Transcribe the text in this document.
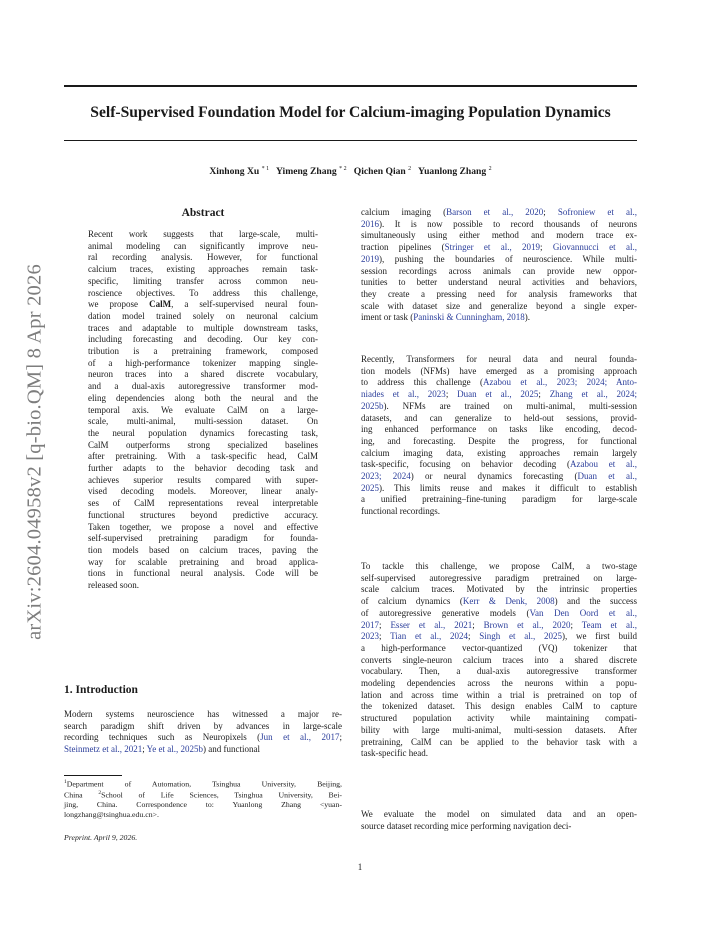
Self-Supervised Foundation Model for Calcium-imaging Population Dynamics
Xinhong Xu $^{* 1}$ Yimeng Zhang $^{* 2}$ Qichen Qian $^2$ Yuanlong Zhang $^2$
arXiv:2604.04958v2 [q-bio.QM] 8 Apr 2026
Abstract
Recent work suggests that large-scale, multi-
animal modeling can significantly improve neu-
ral recording analysis. However, for functional
calcium traces, existing approaches remain task-
specific, limiting transfer across common neu-
roscience objectives. To address this challenge,
we propose CalM, a self-supervised neural foun-
dation model trained solely on neuronal calcium
traces and adaptable to multiple downstream tasks,
including forecasting and decoding. Our key con-
tribution is a pretraining framework, composed
of a high-performance tokenizer mapping single-
neuron traces into a shared discrete vocabulary,
and a dual-axis autoregressive transformer mod-
eling dependencies along both the neural and the
temporal axis. We evaluate CalM on a large-
scale, multi-animal, multi-session dataset. On
the neural population dynamics forecasting task,
CalM outperforms strong specialized baselines
after pretraining. With a task-specific head, CalM
further adapts to the behavior decoding task and
achieves superior results compared with super-
vised decoding models. Moreover, linear analy-
ses of CalM representations reveal interpretable
functional structures beyond predictive accuracy.
Taken together, we propose a novel and effective
self-supervised pretraining paradigm for founda-
tion models based on calcium traces, paving the
way for scalable pretraining and broad applica-
tions in functional neural analysis. Code will be
released soon.
1. Introduction
Modern systems neuroscience has witnessed a major re-
search paradigm shift driven by advances in large-scale
recording techniques such as Neuropixels (Jun et al., 2017;
Steinmetz et al., 2021; Ye et al., 2025b) and functional
$^1$Department of Automation, Tsinghua University, Beijing,
China $^2$School of Life Sciences, Tsinghua University, Bei-
jing, China. Correspondence to: Yuanlong Zhang <yuan-
longzhang@tsinghua.edu.cn>.
Preprint. April 9, 2026.
calcium imaging (Barson et al., 2020; Sofroniew et al.,
2016). It is now possible to record thousands of neurons
simultaneously using either method and modern trace ex-
traction pipelines (Stringer et al., 2019; Giovannucci et al.,
2019), pushing the boundaries of neuroscience. While multi-
session recordings across animals can provide new oppor-
tunities to better understand neural activities and behaviors,
they create a pressing need for analysis frameworks that
scale with dataset size and generalize beyond a single exper-
iment or task (Paninski & Cunningham, 2018).
Recently, Transformers for neural data and neural founda-
tion models (NFMs) have emerged as a promising approach
to address this challenge (Azabou et al., 2023; 2024; Anto-
niades et al., 2023; Duan et al., 2025; Zhang et al., 2024;
2025b). NFMs are trained on multi-animal, multi-session
datasets, and can generalize to held-out sessions, provid-
ing enhanced performance on tasks like encoding, decod-
ing, and forecasting. Despite the progress, for functional
calcium imaging data, existing approaches remain largely
task-specific, focusing on behavior decoding (Azabou et al.,
2023; 2024) or neural dynamics forecasting (Duan et al.,
2025). This limits reuse and makes it difficult to establish
a unified pretraining–fine-tuning paradigm for large-scale
functional recordings.
To tackle this challenge, we propose CalM, a two-stage
self-supervised autoregressive paradigm pretrained on large-
scale calcium traces. Motivated by the intrinsic properties
of calcium dynamics (Kerr & Denk, 2008) and the success
of autoregressive generative models (Van Den Oord et al.,
2017; Esser et al., 2021; Brown et al., 2020; Team et al.,
2023; Tian et al., 2024; Singh et al., 2025), we first build
a high-performance vector-quantized (VQ) tokenizer that
converts single-neuron calcium traces into a shared discrete
vocabulary. Then, a dual-axis autoregressive transformer
modeling dependencies across the neurons within a popu-
lation and across time within a trial is pretrained on top of
the tokenized dataset. This design enables CalM to capture
structured population activity while maintaining compati-
bility with large multi-animal, multi-session datasets. After
pretraining, CalM can be applied to the behavior task with a
task-specific head.
We evaluate the model on simulated data and an open-
source dataset recording mice performing navigation deci-
1
